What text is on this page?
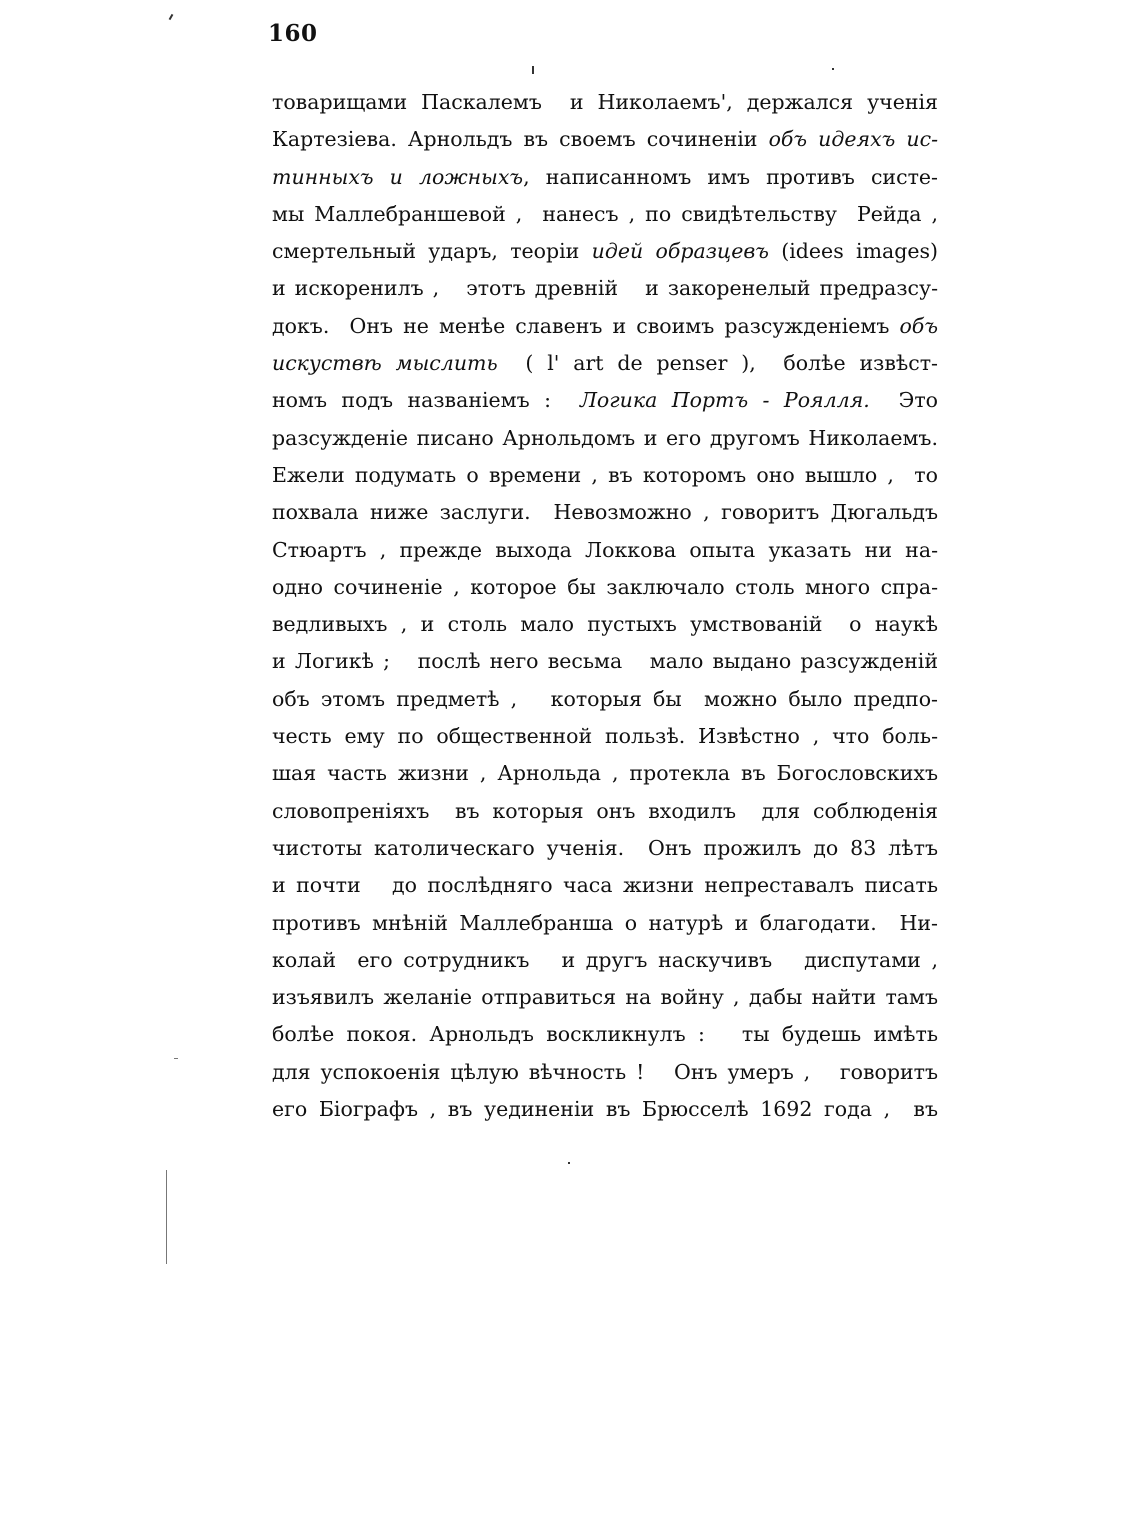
160
товарищами Паскалемъ  и Николаемъ', держался ученія
Картезіева. Арнольдъ въ своемъ сочиненіи объ идеяхъ ис-
тинныхъ и ложныхъ, написанномъ имъ противъ систе-
мы Маллебраншевой ,  нанесъ , по свидѣтельству  Рейда ,
смертельный ударъ, теоріи идей образцевъ (idees images)
и искоренилъ ,   этотъ древній   и закоренелый предразсу-
докъ.  Онъ не менѣе славенъ и своимъ разсужденіемъ объ
искуствѣ мыслить  ( l' art de penser ),  болѣе извѣст-
номъ подъ названіемъ :  Логика Портъ - Роялля.  Это
разсужденіе писано Арнольдомъ и его другомъ Николаемъ.
Ежели подумать о времени , въ которомъ оно вышло ,  то
похвала ниже заслуги.  Невозможно , говоритъ Дюгальдъ
Стюартъ , прежде выхода Локкова опыта указать ни на-
одно сочиненіе , которое бы заключало столь много спра-
ведливыхъ , и столь мало пустыхъ умствованій  о наукѣ
и Логикѣ ;   послѣ него весьма   мало выдано разсужденій
объ этомъ предметѣ ,   которыя бы  можно было предпо-
честь ему по общественной пользѣ. Извѣстно , что боль-
шая часть жизни , Арнольда , протекла въ Богословскихъ
словопреніяхъ  въ которыя онъ входилъ  для соблюденія
чистоты католическаго ученія.  Онъ прожилъ до 83 лѣтъ
и почти   до послѣдняго часа жизни непреставалъ писать
противъ мнѣній Маллебранша о натурѣ и благодати.  Ни-
колай  его сотрудникъ   и другъ наскучивъ   диспутами ,
изъявилъ желаніе отправиться на войну , дабы найти тамъ
болѣе покоя. Арнольдъ воскликнулъ :   ты будешь имѣть
для успокоенія цѣлую вѣчность !   Онъ умеръ ,   говоритъ
его Біографъ , въ уединеніи въ Брюсселѣ 1692 года ,  въ
